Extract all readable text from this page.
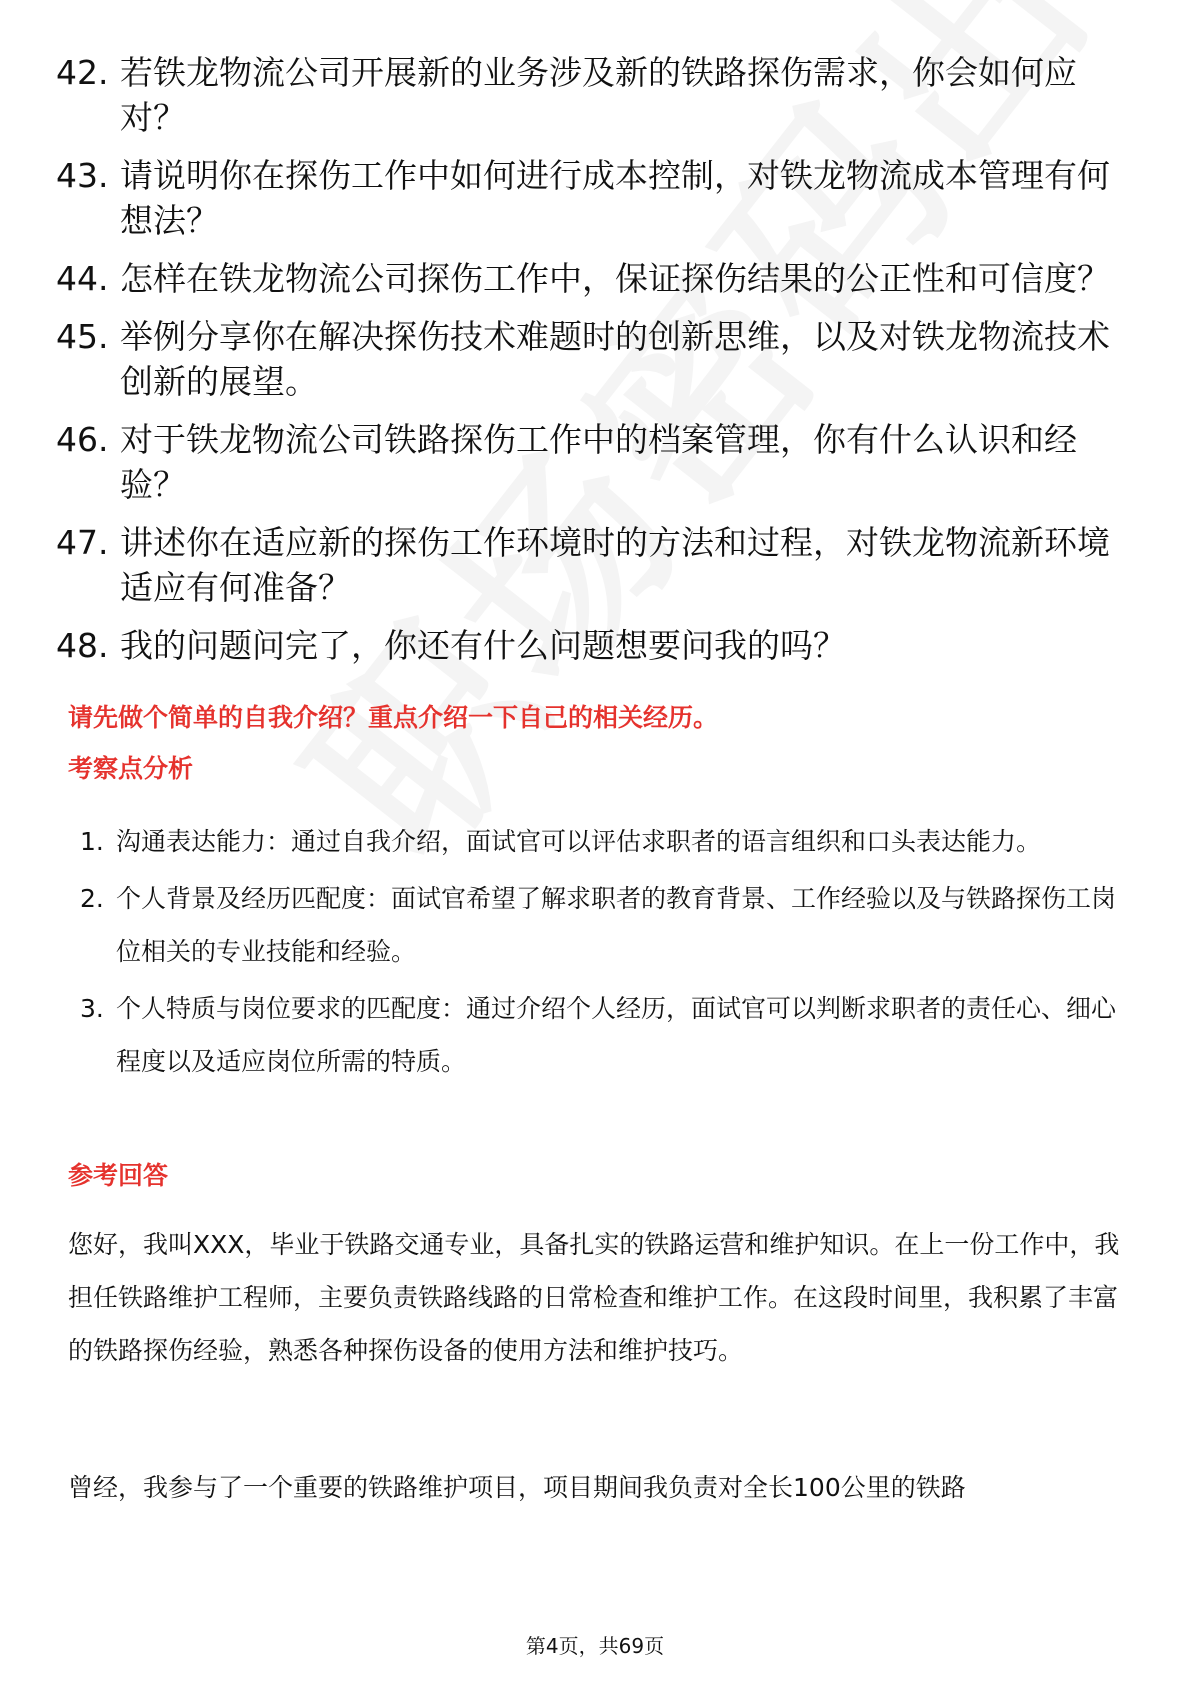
42. 若铁龙物流公司开展新的业务涉及新的铁路探伤需求，你会如何应对？
43. 请说明你在探伤工作中如何进行成本控制，对铁龙物流成本管理有何想法？
44. 怎样在铁龙物流公司探伤工作中，保证探伤结果的公正性和可信度？
45. 举例分享你在解决探伤技术难题时的创新思维，以及对铁龙物流技术创新的展望。
46. 对于铁龙物流公司铁路探伤工作中的档案管理，你有什么认识和经验？
47. 讲述你在适应新的探伤工作环境时的方法和过程，对铁龙物流新环境适应有何准备？
48. 我的问题问完了，你还有什么问题想要问我的吗？
请先做个简单的自我介绍？重点介绍一下自己的相关经历。
考察点分析
1. 沟通表达能力：通过自我介绍，面试官可以评估求职者的语言组织和口头表达能力。
2. 个人背景及经历匹配度：面试官希望了解求职者的教育背景、工作经验以及与铁路探伤工岗位相关的专业技能和经验。
3. 个人特质与岗位要求的匹配度：通过介绍个人经历，面试官可以判断求职者的责任心、细心程度以及适应岗位所需的特质。
参考回答

您好，我叫XXX，毕业于铁路交通专业，具备扎实的铁路运营和维护知识。在上一份工作中，我担任铁路维护工程师，主要负责铁路线路的日常检查和维护工作。在这段时间里，我积累了丰富的铁路探伤经验，熟悉各种探伤设备的使用方法和维护技巧。

曾经，我参与了一个重要的铁路维护项目，项目期间我负责对全长100公里的铁路

第4页，共69页
